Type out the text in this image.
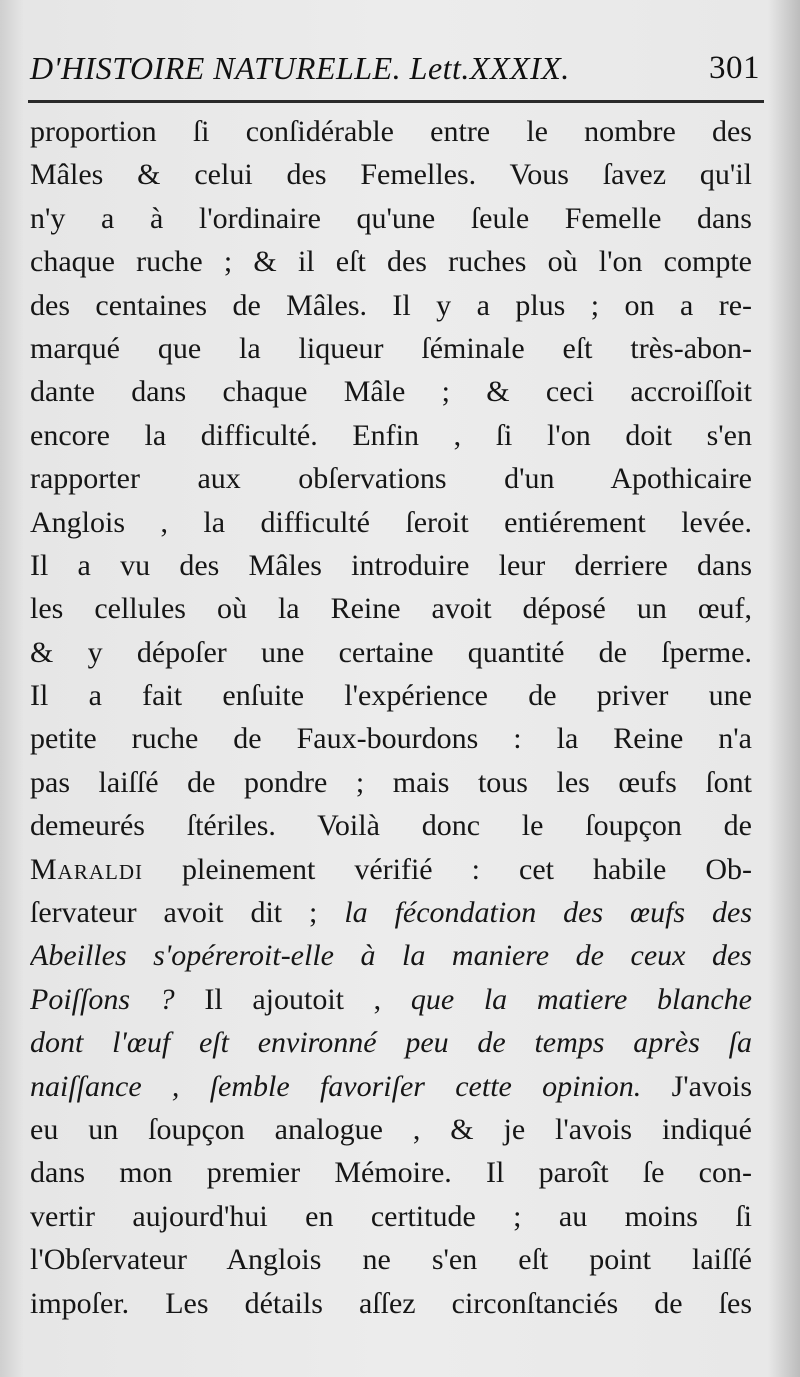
D'HISTOIRE NATURELLE. Lett.XXXIX.	301
proportion ſi conſidérable entre le nombre des
Mâles & celui des Femelles. Vous ſavez qu'il
n'y a à l'ordinaire qu'une ſeule Femelle dans
chaque ruche ; & il eſt des ruches où l'on compte
des centaines de Mâles. Il y a plus ; on a re-
marqué que la liqueur ſéminale eſt très-abon-
dante dans chaque Mâle ; & ceci accroiſſoit
encore la difficulté. Enfin , ſi l'on doit s'en
rapporter aux obſervations d'un Apothicaire
Anglois , la difficulté ſeroit entiérement levée.
Il a vu des Mâles introduire leur derriere dans
les cellules où la Reine avoit déposé un œuf,
& y dépoſer une certaine quantité de ſperme.
Il a fait enſuite l'expérience de priver une
petite ruche de Faux-bourdons : la Reine n'a
pas laiſſé de pondre ; mais tous les œufs ſont
demeurés ſtériles. Voilà donc le ſoupçon de
Maraldi pleinement vérifié : cet habile Ob-
ſervateur avoit dit ; la fécondation des œufs des
Abeilles s'opéreroit-elle à la maniere de ceux des
Poiſſons ? Il ajoutoit , que la matiere blanche
dont l'œuf eſt environné peu de temps après ſa
naiſſance , ſemble favoriſer cette opinion. J'avois
eu un ſoupçon analogue , & je l'avois indiqué
dans mon premier Mémoire. Il paroît ſe con-
vertir aujourd'hui en certitude ; au moins ſi
l'Obſervateur Anglois ne s'en eſt point laiſſé
impoſer. Les détails aſſez circonſtanciés de ſes
